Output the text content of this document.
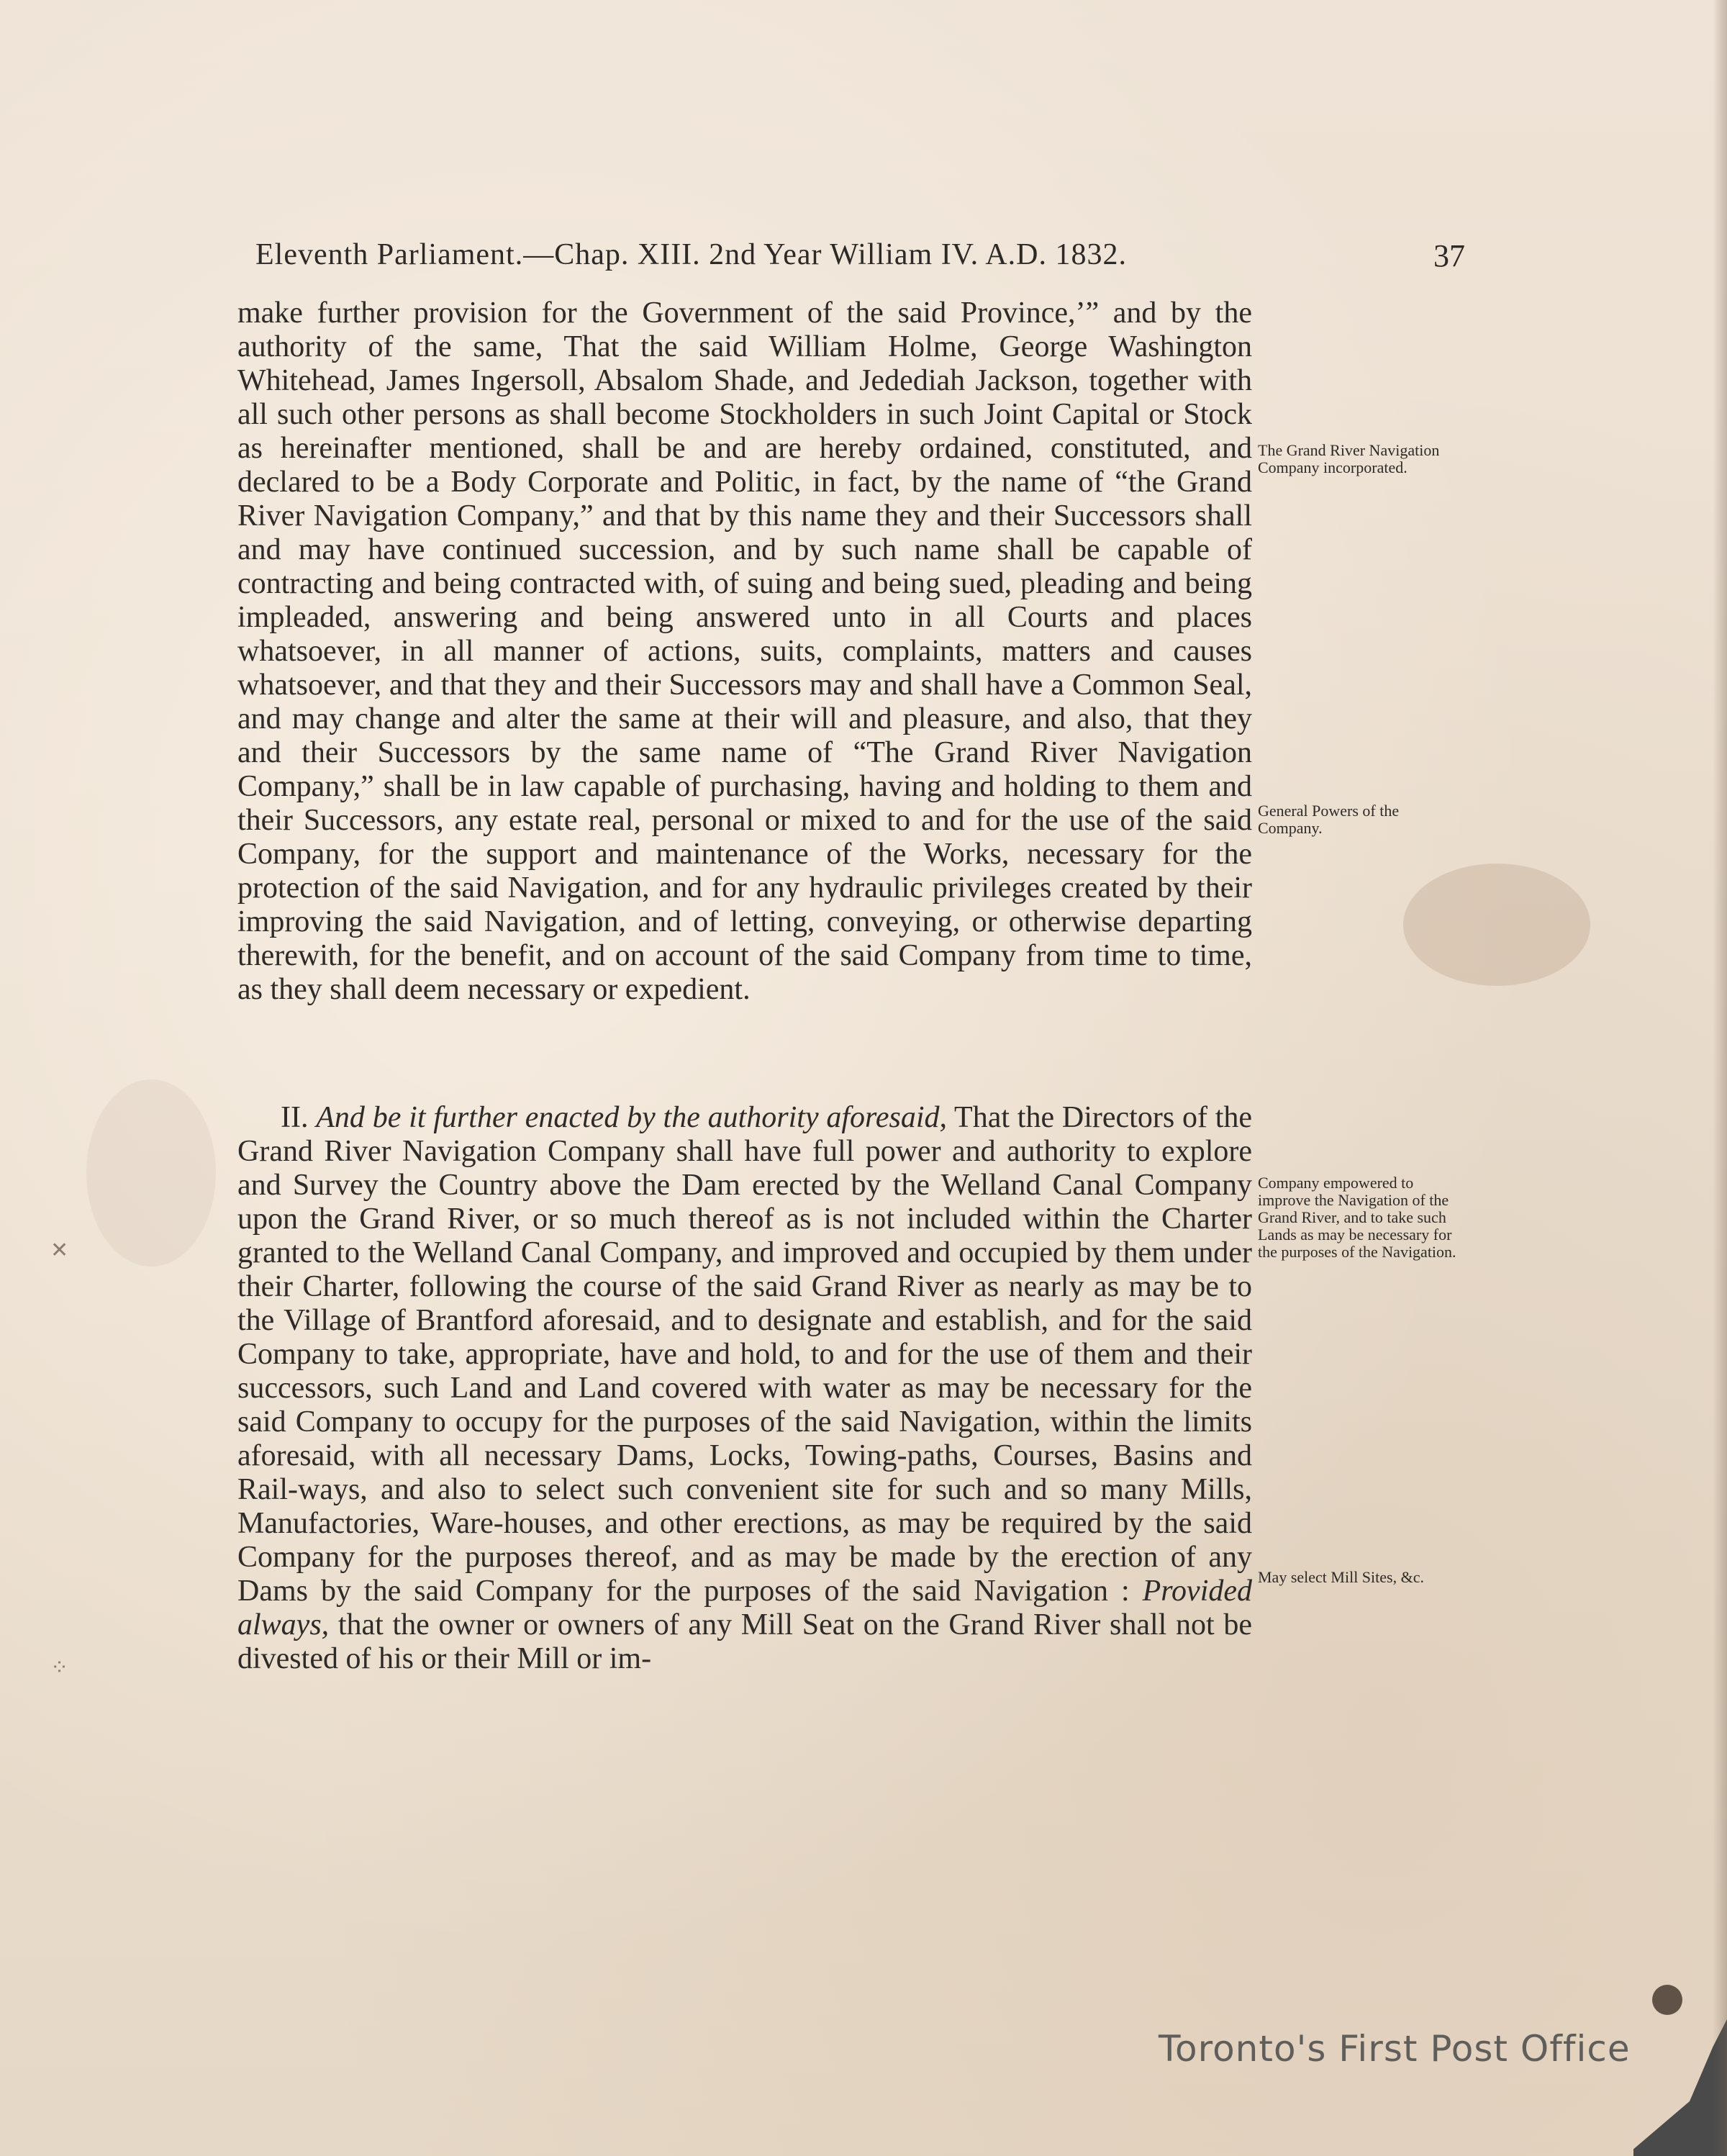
Eleventh Parliament.—Chap. XIII. 2nd Year William IV. A.D. 1832.	37

make further provision for the Government of the said Province,’” and by the authority of the same, That the said William Holme, George Washington Whitehead, James Ingersoll, Absalom Shade, and Jedediah Jackson, together with all such other persons as shall become Stockholders in such Joint Capital or Stock as hereinafter mentioned, shall be and are hereby ordained, constituted, and declared to be a Body Corporate and Politic, in fact, by the name of “the Grand River Navigation Company,” and that by this name they and their Successors shall and may have continued succession, and by such name shall be capable of contracting and being contracted with, of suing and being sued, pleading and being impleaded, answering and being answered unto in all Courts and places whatsoever, in all manner of actions, suits, complaints, matters and causes whatsoever, and that they and their Successors may and shall have a Common Seal, and may change and alter the same at their will and pleasure, and also, that they and their Successors by the same name of “The Grand River Navigation Company,” shall be in law capable of purchasing, having and holding to them and their Successors, any estate real, personal or mixed to and for the use of the said Company, for the support and maintenance of the Works, necessary for the protection of the said Navigation, and for any hydraulic privileges created by their improving the said Navigation, and of letting, conveying, or otherwise departing therewith, for the benefit, and on account of the said Company from time to time, as they shall deem necessary or expedient.

II. And be it further enacted by the authority aforesaid, That the Directors of the Grand River Navigation Company shall have full power and authority to explore and Survey the Country above the Dam erected by the Welland Canal Company upon the Grand River, or so much thereof as is not included within the Charter granted to the Welland Canal Company, and improved and occupied by them under their Charter, following the course of the said Grand River as nearly as may be to the Village of Brantford aforesaid, and to designate and establish, and for the said Company to take, appropriate, have and hold, to and for the use of them and their successors, such Land and Land covered with water as may be necessary for the said Company to occupy for the purposes of the said Navigation, within the limits aforesaid, with all necessary Dams, Locks, Towing-paths, Courses, Basins and Rail-ways, and also to select such convenient site for such and so many Mills, Manufactories, Ware-houses, and other erections, as may be required by the said Company for the purposes thereof, and as may be made by the erection of any Dams by the said Company for the purposes of the said Navigation : Provided always, that the owner or owners of any Mill Seat on the Grand River shall not be divested of his or their Mill or im-

The Grand River Navigation Company incorporated.
General Powers of the Company.
Company empowered to improve the Navigation of the Grand River, and to take such Lands as may be necessary for the purposes of the Navigation.
May select Mill Sites, &c.
✕
⁘
Toronto's First Post Office
